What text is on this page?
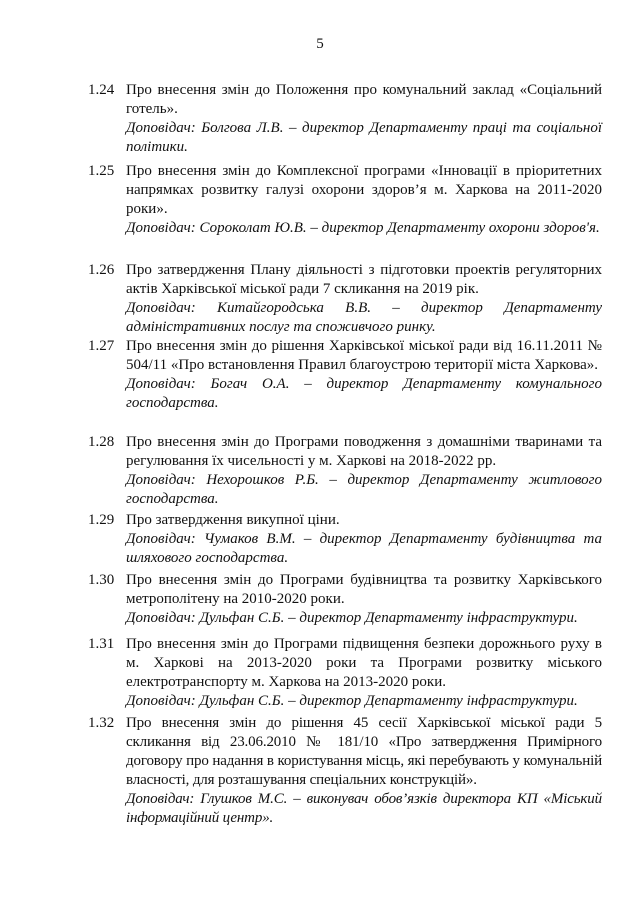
5
1.24 Про внесення змін до Положення про комунальний заклад «Соціальний готель».

Доповідач: Болгова Л.В. – директор Департаменту праці та соціальної політики.

1.25 Про внесення змін до Комплексної програми «Інновації в пріоритетних напрямках розвитку галузі охорони здоров’я м. Харкова на 2011-2020 роки».

Доповідач: Сороколат Ю.В. – директор Департаменту охорони здоров'я.

1.26 Про затвердження Плану діяльності з підготовки проектів регуляторних актів Харківської міської ради 7 скликання на 2019 рік.

Доповідач: Китайгородська В.В. – директор Департаменту адміністративних послуг та споживчого ринку.

1.27 Про внесення змін до рішення Харківської міської ради від 16.11.2011 № 504/11 «Про встановлення Правил благоустрою території міста Харкова».

Доповідач: Богач О.А. – директор Департаменту комунального господарства.

1.28 Про внесення змін до Програми поводження з домашніми тваринами та регулювання їх чисельності у м. Харкові на 2018-2022 рр.

Доповідач: Нехорошков Р.Б. – директор Департаменту житлового господарства.

1.29 Про затвердження викупної ціни.

Доповідач: Чумаков В.М. – директор Департаменту будівництва та шляхового господарства.

1.30 Про внесення змін до Програми будівництва та розвитку Харківського метрополітену на 2010-2020 роки.

Доповідач: Дульфан С.Б. – директор Департаменту інфраструктури.

1.31 Про внесення змін до Програми підвищення безпеки дорожнього руху в м. Харкові на 2013-2020 роки та Програми розвитку міського електротранспорту м. Харкова на 2013-2020 роки.

Доповідач: Дульфан С.Б. – директор Департаменту інфраструктури.

1.32 Про внесення змін до рішення 45 сесії Харківської міської ради 5 скликання від 23.06.2010 № 181/10 «Про затвердження Примірного договору про надання в користування місць, які перебувають у комунальній власності, для розташування спеціальних конструкцій».

Доповідач: Глушков М.С. – виконувач обов’язків директора КП «Міський інформаційний центр».
